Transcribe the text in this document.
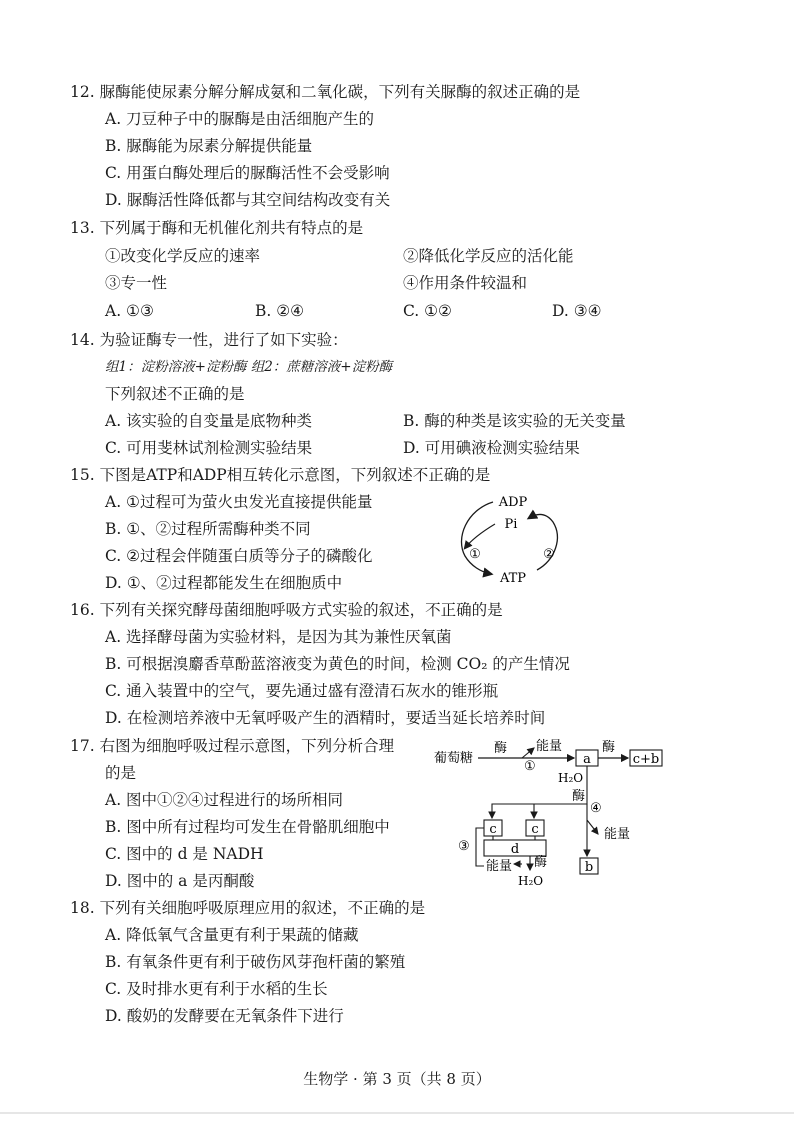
12. 脲酶能使尿素分解分解成氨和二氧化碳，下列有关脲酶的叙述正确的是
A. 刀豆种子中的脲酶是由活细胞产生的
B. 脲酶能为尿素分解提供能量
C. 用蛋白酶处理后的脲酶活性不会受影响
D. 脲酶活性降低都与其空间结构改变有关
13. 下列属于酶和无机催化剂共有特点的是
①改变化学反应的速率	②降低化学反应的活化能
③专一性	④作用条件较温和
A. ①③	B. ②④	C. ①②	D. ③④
14. 为验证酶专一性，进行了如下实验：
组1：淀粉溶液+淀粉酶 组2：蔗糖溶液+淀粉酶
下列叙述不正确的是
A. 该实验的自变量是底物种类	B. 酶的种类是该实验的无关变量
C. 可用斐林试剂检测实验结果	D. 可用碘液检测实验结果
15. 下图是ATP和ADP相互转化示意图，下列叙述不正确的是
A. ①过程可为萤火虫发光直接提供能量
B. ①、②过程所需酶种类不同
C. ②过程会伴随蛋白质等分子的磷酸化
D. ①、②过程都能发生在细胞质中
ADP
Pi
ATP
①	②
16. 下列有关探究酵母菌细胞呼吸方式实验的叙述，不正确的是
A. 选择酵母菌为实验材料，是因为其为兼性厌氧菌
B. 可根据溴麝香草酚蓝溶液变为黄色的时间，检测 CO₂ 的产生情况
C. 通入装置中的空气，要先通过盛有澄清石灰水的锥形瓶
D. 在检测培养液中无氧呼吸产生的酒精时，要适当延长培养时间
17. 右图为细胞呼吸过程示意图，下列分析合理
的是
A. 图中①②④过程进行的场所相同
B. 图中所有过程均可发生在骨骼肌细胞中
C. 图中的 d 是 NADH
D. 图中的 a 是丙酮酸
葡萄糖
酶
①
能量
a
酶
c+b
H₂O
酶
④
能量
b
c	c
d
③
酶
能量
H₂O
18. 下列有关细胞呼吸原理应用的叙述，不正确的是
A. 降低氧气含量更有利于果蔬的储藏
B. 有氧条件更有利于破伤风芽孢杆菌的繁殖
C. 及时排水更有利于水稻的生长
D. 酸奶的发酵要在无氧条件下进行
生物学 · 第 3 页（共 8 页）
